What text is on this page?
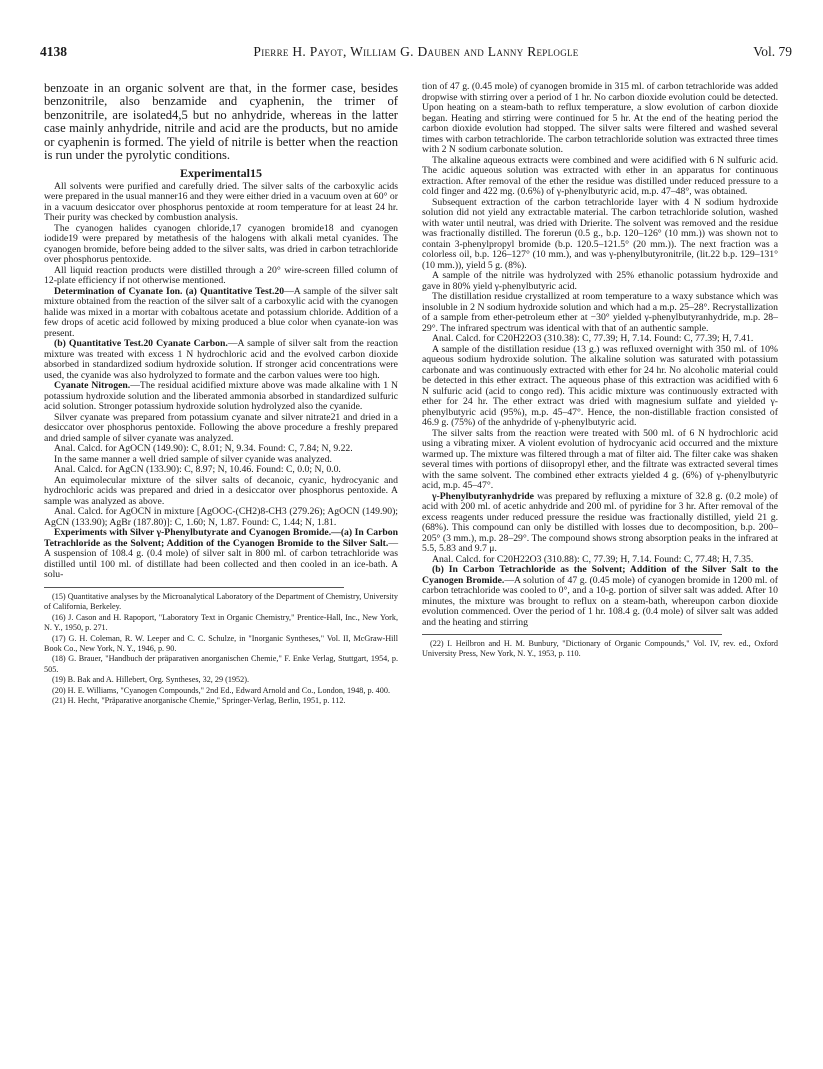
4138	Pierre H. Payot, William G. Dauben and Lanny Replogle	Vol. 79

benzoate in an organic solvent are that, in the former case, besides benzonitrile, also benzamide and cyaphenin, the trimer of benzonitrile, are isolated4,5 but no anhydride, whereas in the latter case mainly anhydride, nitrile and acid are the products, but no amide or cyaphenin is formed. The yield of nitrile is better when the reaction is run under the pyrolytic conditions.

Experimental15

All solvents were purified and carefully dried. The silver salts of the carboxylic acids were prepared in the usual manner16 and they were either dried in a vacuum oven at 60° or in a vacuum desiccator over phosphorus pentoxide at room temperature for at least 24 hr. Their purity was checked by combustion analysis.

The cyanogen halides cyanogen chloride,17 cyanogen bromide18 and cyanogen iodide19 were prepared by metathesis of the halogens with alkali metal cyanides. The cyanogen bromide, before being added to the silver salts, was dried in carbon tetrachloride over phosphorus pentoxide.

All liquid reaction products were distilled through a 20° wire-screen filled column of 12-plate efficiency if not otherwise mentioned.

Determination of Cyanate Ion. (a) Quantitative Test.20—A sample of the silver salt mixture obtained from the reaction of the silver salt of a carboxylic acid with the cyanogen halide was mixed in a mortar with cobaltous acetate and potassium chloride. Addition of a few drops of acetic acid followed by mixing produced a blue color when cyanate-ion was present.

(b) Quantitative Test.20 Cyanate Carbon.—A sample of silver salt from the reaction mixture was treated with excess 1 N hydrochloric acid and the evolved carbon dioxide absorbed in standardized sodium hydroxide solution. If stronger acid concentrations were used, the cyanide was also hydrolyzed to formate and the carbon values were too high.

Cyanate Nitrogen.—The residual acidified mixture above was made alkaline with 1 N potassium hydroxide solution and the liberated ammonia absorbed in standardized sulfuric acid solution. Stronger potassium hydroxide solution hydrolyzed also the cyanide.

Silver cyanate was prepared from potassium cyanate and silver nitrate21 and dried in a desiccator over phosphorus pentoxide. Following the above procedure a freshly prepared and dried sample of silver cyanate was analyzed.

Anal. Calcd. for AgOCN (149.90): C, 8.01; N, 9.34. Found: C, 7.84; N, 9.22.

In the same manner a well dried sample of silver cyanide was analyzed.

Anal. Calcd. for AgCN (133.90): C, 8.97; N, 10.46. Found: C, 0.0; N, 0.0.

An equimolecular mixture of the silver salts of decanoic, cyanic, hydrocyanic and hydrochloric acids was prepared and dried in a desiccator over phosphorus pentoxide. A sample was analyzed as above.

Anal. Calcd. for AgOCN in mixture [AgOOC-(CH2)8-CH3 (279.26); AgOCN (149.90); AgCN (133.90); AgBr (187.80)]: C, 1.60; N, 1.87. Found: C, 1.44; N, 1.81.

Experiments with Silver γ-Phenylbutyrate and Cyanogen Bromide.—(a) In Carbon Tetrachloride as the Solvent; Addition of the Cyanogen Bromide to the Silver Salt.—A suspension of 108.4 g. (0.4 mole) of silver salt in 800 ml. of carbon tetrachloride was distilled until 100 ml. of distillate had been collected and then cooled in an ice-bath. A solu-

(15) Quantitative analyses by the Microanalytical Laboratory of the Department of Chemistry, University of California, Berkeley.

(16) J. Cason and H. Rapoport, "Laboratory Text in Organic Chemistry," Prentice-Hall, Inc., New York, N. Y., 1950, p. 271.

(17) G. H. Coleman, R. W. Leeper and C. C. Schulze, in "Inorganic Syntheses," Vol. II, McGraw-Hill Book Co., New York, N. Y., 1946, p. 90.

(18) G. Brauer, "Handbuch der präparativen anorganischen Chemie," F. Enke Verlag, Stuttgart, 1954, p. 505.

(19) B. Bak and A. Hillebert, Org. Syntheses, 32, 29 (1952).

(20) H. E. Williams, "Cyanogen Compounds," 2nd Ed., Edward Arnold and Co., London, 1948, p. 400.

(21) H. Hecht, "Präparative anorganische Chemie," Springer-Verlag, Berlin, 1951, p. 112.

tion of 47 g. (0.45 mole) of cyanogen bromide in 315 ml. of carbon tetrachloride was added dropwise with stirring over a period of 1 hr. No carbon dioxide evolution could be detected. Upon heating on a steam-bath to reflux temperature, a slow evolution of carbon dioxide began. Heating and stirring were continued for 5 hr. At the end of the heating period the carbon dioxide evolution had stopped. The silver salts were filtered and washed several times with carbon tetrachloride. The carbon tetrachloride solution was extracted three times with 2 N sodium carbonate solution.

The alkaline aqueous extracts were combined and were acidified with 6 N sulfuric acid. The acidic aqueous solution was extracted with ether in an apparatus for continuous extraction. After removal of the ether the residue was distilled under reduced pressure to a cold finger and 422 mg. (0.6%) of γ-phenylbutyric acid, m.p. 47–48°, was obtained.

Subsequent extraction of the carbon tetrachloride layer with 4 N sodium hydroxide solution did not yield any extractable material. The carbon tetrachloride solution, washed with water until neutral, was dried with Drierite. The solvent was removed and the residue was fractionally distilled. The forerun (0.5 g., b.p. 120–126° (10 mm.)) was shown not to contain 3-phenylpropyl bromide (b.p. 120.5–121.5° (20 mm.)). The next fraction was a colorless oil, b.p. 126–127° (10 mm.), and was γ-phenylbutyronitrile, (lit.22 b.p. 129–131° (10 mm.)), yield 5 g. (8%).

A sample of the nitrile was hydrolyzed with 25% ethanolic potassium hydroxide and gave in 80% yield γ-phenylbutyric acid.

The distillation residue crystallized at room temperature to a waxy substance which was insoluble in 2 N sodium hydroxide solution and which had a m.p. 25–28°. Recrystallization of a sample from ether-petroleum ether at −30° yielded γ-phenylbutyranhydride, m.p. 28–29°. The infrared spectrum was identical with that of an authentic sample.

Anal. Calcd. for C20H22O3 (310.38): C, 77.39; H, 7.14. Found: C, 77.39; H, 7.41.

A sample of the distillation residue (13 g.) was refluxed overnight with 350 ml. of 10% aqueous sodium hydroxide solution. The alkaline solution was saturated with potassium carbonate and was continuously extracted with ether for 24 hr. No alcoholic material could be detected in this ether extract. The aqueous phase of this extraction was acidified with 6 N sulfuric acid (acid to congo red). This acidic mixture was continuously extracted with ether for 24 hr. The ether extract was dried with magnesium sulfate and yielded γ-phenylbutyric acid (95%), m.p. 45–47°. Hence, the non-distillable fraction consisted of 46.9 g. (75%) of the anhydride of γ-phenylbutyric acid.

The silver salts from the reaction were treated with 500 ml. of 6 N hydrochloric acid using a vibrating mixer. A violent evolution of hydrocyanic acid occurred and the mixture warmed up. The mixture was filtered through a mat of filter aid. The filter cake was shaken several times with portions of diisopropyl ether, and the filtrate was extracted several times with the same solvent. The combined ether extracts yielded 4 g. (6%) of γ-phenylbutyric acid, m.p. 45–47°.

γ-Phenylbutyranhydride was prepared by refluxing a mixture of 32.8 g. (0.2 mole) of acid with 200 ml. of acetic anhydride and 200 ml. of pyridine for 3 hr. After removal of the excess reagents under reduced pressure the residue was fractionally distilled, yield 21 g. (68%). This compound can only be distilled with losses due to decomposition, b.p. 200–205° (3 mm.), m.p. 28–29°. The compound shows strong absorption peaks in the infrared at 5.5, 5.83 and 9.7 μ.

Anal. Calcd. for C20H22O3 (310.88): C, 77.39; H, 7.14. Found: C, 77.48; H, 7.35.

(b) In Carbon Tetrachloride as the Solvent; Addition of the Silver Salt to the Cyanogen Bromide.—A solution of 47 g. (0.45 mole) of cyanogen bromide in 1200 ml. of carbon tetrachloride was cooled to 0°, and a 10-g. portion of silver salt was added. After 10 minutes, the mixture was brought to reflux on a steam-bath, whereupon carbon dioxide evolution commenced. Over the period of 1 hr. 108.4 g. (0.4 mole) of silver salt was added and the heating and stirring

(22) I. Heilbron and H. M. Bunbury, "Dictionary of Organic Compounds," Vol. IV, rev. ed., Oxford University Press, New York, N. Y., 1953, p. 110.
